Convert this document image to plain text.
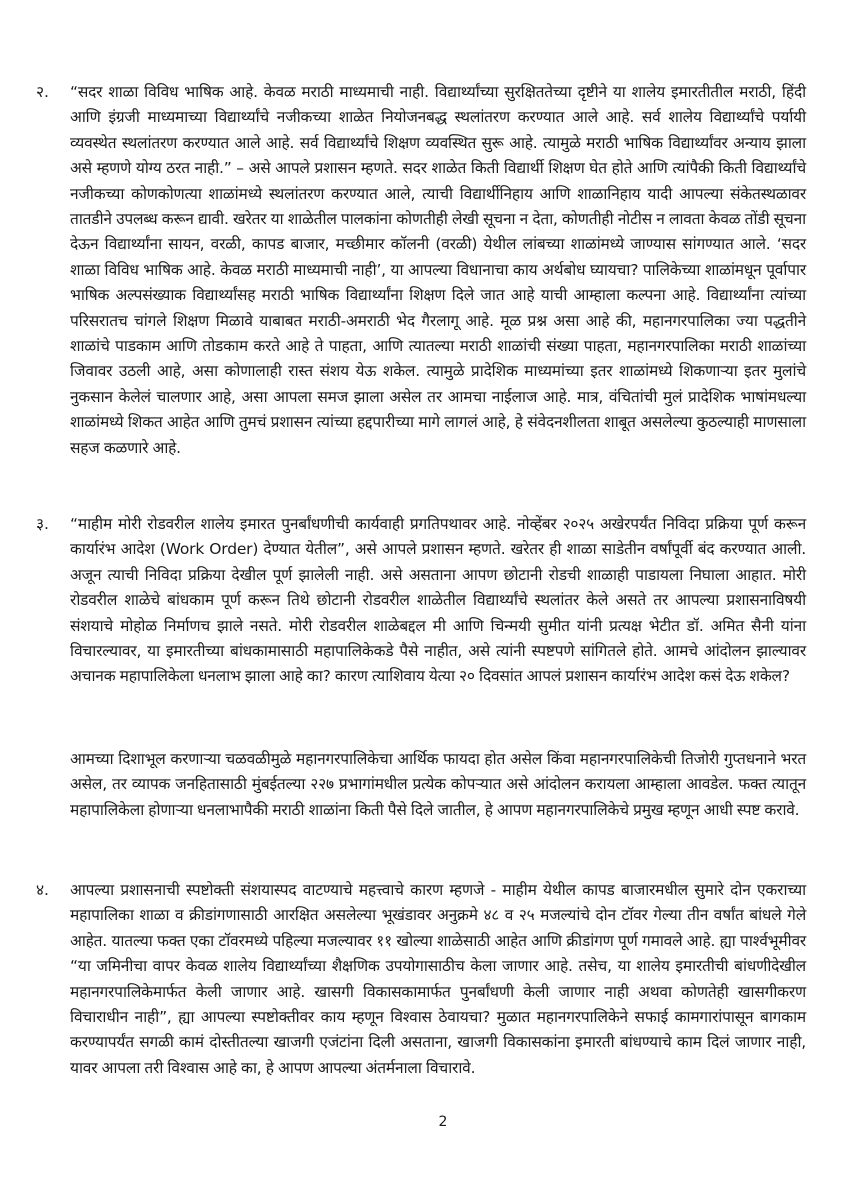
२.	“सदर शाळा विविध भाषिक आहे. केवळ मराठी माध्यमाची नाही. विद्यार्थ्यांच्या सुरक्षिततेच्या दृष्टीने या शालेय इमारतीतील मराठी, हिंदी आणि इंग्रजी माध्यमाच्या विद्यार्थ्यांचे नजीकच्या शाळेत नियोजनबद्ध स्थलांतरण करण्यात आले आहे. सर्व शालेय विद्यार्थ्यांचे पर्यायी व्यवस्थेत स्थलांतरण करण्यात आले आहे. सर्व विद्यार्थ्यांचे शिक्षण व्यवस्थित सुरू आहे. त्यामुळे मराठी भाषिक विद्यार्थ्यांवर अन्याय झाला असे म्हणणे योग्य ठरत नाही.” – असे आपले प्रशासन म्हणते. सदर शाळेत किती विद्यार्थी शिक्षण घेत होते आणि त्यांपैकी किती विद्यार्थ्यांचे नजीकच्या कोणकोणत्या शाळांमध्ये स्थलांतरण करण्यात आले, त्याची विद्यार्थीनिहाय आणि शाळानिहाय यादी आपल्या संकेतस्थळावर तातडीने उपलब्ध करून द्यावी. खरेतर या शाळेतील पालकांना कोणतीही लेखी सूचना न देता, कोणतीही नोटीस न लावता केवळ तोंडी सूचना देऊन विद्यार्थ्यांना सायन, वरळी, कापड बाजार, मच्छीमार कॉलनी (वरळी) येथील लांबच्या शाळांमध्ये जाण्यास सांगण्यात आले. ‘सदर शाळा विविध भाषिक आहे. केवळ मराठी माध्यमाची नाही’, या आपल्या विधानाचा काय अर्थबोध घ्यायचा? पालिकेच्या शाळांमधून पूर्वापार भाषिक अल्पसंख्याक विद्यार्थ्यांसह मराठी भाषिक विद्यार्थ्यांना शिक्षण दिले जात आहे याची आम्हाला कल्पना आहे. विद्यार्थ्यांना त्यांच्या परिसरातच चांगले शिक्षण मिळावे याबाबत मराठी-अमराठी भेद गैरलागू आहे. मूळ प्रश्न असा आहे की, महानगरपालिका ज्या पद्धतीने शाळांचे पाडकाम आणि तोडकाम करते आहे ते पाहता, आणि त्यातल्या मराठी शाळांची संख्या पाहता, महानगरपालिका मराठी शाळांच्या जिवावर उठली आहे, असा कोणालाही रास्त संशय येऊ शकेल. त्यामुळे प्रादेशिक माध्यमांच्या इतर शाळांमध्ये शिकणाऱ्या इतर मुलांचे नुकसान केलेलं चालणार आहे, असा आपला समज झाला असेल तर आमचा नाईलाज आहे. मात्र, वंचितांची मुलं प्रादेशिक भाषांमधल्या शाळांमध्ये शिकत आहेत आणि तुमचं प्रशासन त्यांच्या हद्दपारीच्या मागे लागलं आहे, हे संवेदनशीलता शाबूत असलेल्या कुठल्याही माणसाला सहज कळणारे आहे.
३.	“माहीम मोरी रोडवरील शालेय इमारत पुनर्बांधणीची कार्यवाही प्रगतिपथावर आहे. नोव्हेंबर २०२५ अखेरपर्यंत निविदा प्रक्रिया पूर्ण करून कार्यारंभ आदेश (Work Order) देण्यात येतील”, असे आपले प्रशासन म्हणते. खरेतर ही शाळा साडेतीन वर्षांपूर्वी बंद करण्यात आली. अजून त्याची निविदा प्रक्रिया देखील पूर्ण झालेली नाही. असे असताना आपण छोटानी रोडची शाळाही पाडायला निघाला आहात. मोरी रोडवरील शाळेचे बांधकाम पूर्ण करून तिथे छोटानी रोडवरील शाळेतील विद्यार्थ्यांचे स्थलांतर केले असते तर आपल्या प्रशासनाविषयी संशयाचे मोहोळ निर्माणच झाले नसते. मोरी रोडवरील शाळेबद्दल मी आणि चिन्मयी सुमीत यांनी प्रत्यक्ष भेटीत डॉ. अमित सैनी यांना विचारल्यावर, या इमारतीच्या बांधकामासाठी महापालिकेकडे पैसे नाहीत, असे त्यांनी स्पष्टपणे सांगितले होते. आमचे आंदोलन झाल्यावर अचानक महापालिकेला धनलाभ झाला आहे का? कारण त्याशिवाय येत्या २० दिवसांत आपलं प्रशासन कार्यारंभ आदेश कसं देऊ शकेल?
आमच्या दिशाभूल करणाऱ्या चळवळीमुळे महानगरपालिकेचा आर्थिक फायदा होत असेल किंवा महानगरपालिकेची तिजोरी गुप्तधनाने भरत असेल, तर व्यापक जनहितासाठी मुंबईतल्या २२७ प्रभागांमधील प्रत्येक कोपऱ्यात असे आंदोलन करायला आम्हाला आवडेल. फक्त त्यातून महापालिकेला होणाऱ्या धनलाभापैकी मराठी शाळांना किती पैसे दिले जातील, हे आपण महानगरपालिकेचे प्रमुख म्हणून आधी स्पष्ट करावे.
४.	आपल्या प्रशासनाची स्पष्टोक्ती संशयास्पद वाटण्याचे महत्त्वाचे कारण म्हणजे - माहीम येथील कापड बाजारमधील सुमारे दोन एकराच्या महापालिका शाळा व क्रीडांगणासाठी आरक्षित असलेल्या भूखंडावर अनुक्रमे ४८ व २५ मजल्यांचे दोन टॉवर गेल्या तीन वर्षांत बांधले गेले आहेत. यातल्या फक्त एका टॉवरमध्ये पहिल्या मजल्यावर ११ खोल्या शाळेसाठी आहेत आणि क्रीडांगण पूर्ण गमावले आहे. ह्या पार्श्वभूमीवर “या जमिनीचा वापर केवळ शालेय विद्यार्थ्यांच्या शैक्षणिक उपयोगासाठीच केला जाणार आहे. तसेच, या शालेय इमारतीची बांधणीदेखील महानगरपालिकेमार्फत केली जाणार आहे. खासगी विकासकामार्फत पुनर्बांधणी केली जाणार नाही अथवा कोणतेही खासगीकरण विचाराधीन नाही”, ह्या आपल्या स्पष्टोक्तीवर काय म्हणून विश्वास ठेवायचा? मुळात महानगरपालिकेने सफाई कामगारांपासून बागकाम करण्यापर्यंत सगळी कामं दोस्तीतल्या खाजगी एजंटांना दिली असताना, खाजगी विकासकांना इमारती बांधण्याचे काम दिलं जाणार नाही, यावर आपला तरी विश्वास आहे का, हे आपण आपल्या अंतर्मनाला विचारावे.
2
